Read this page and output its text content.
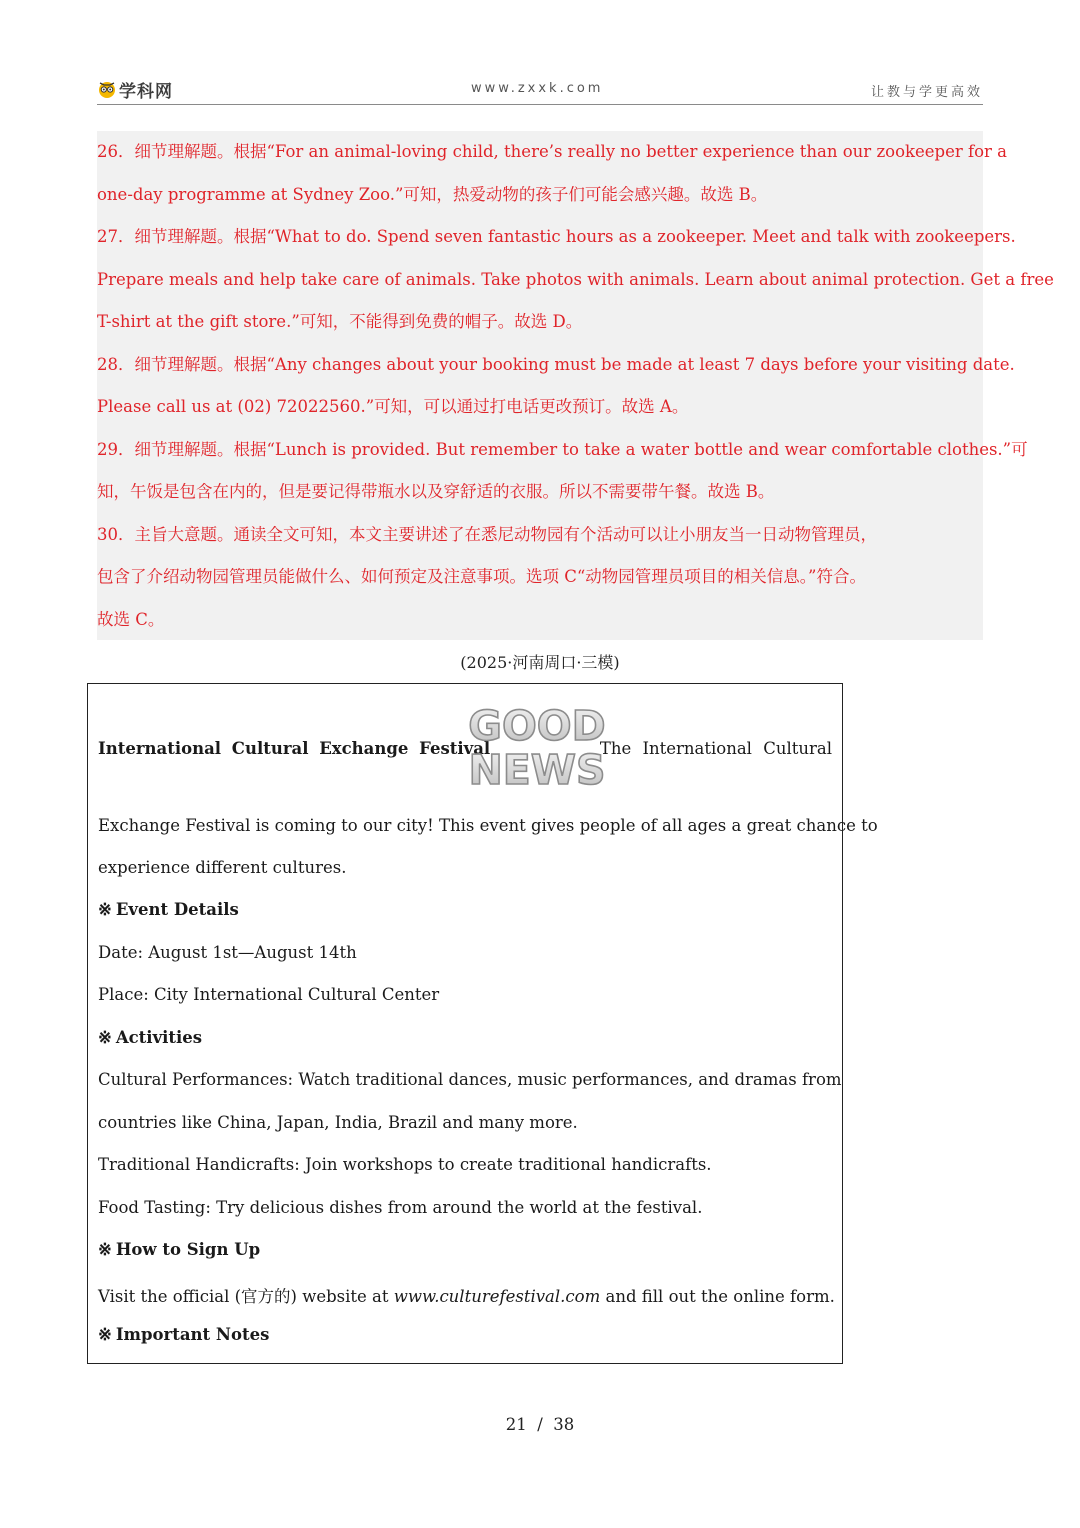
学科网	www.zxxk.com	让教与学更高效

26．细节理解题。根据“For an animal-loving child, there’s really no better experience than our zookeeper for a

one-day programme at Sydney Zoo.”可知，热爱动物的孩子们可能会感兴趣。故选 B。

27．细节理解题。根据“What to do. Spend seven fantastic hours as a zookeeper. Meet and talk with zookeepers.

Prepare meals and help take care of animals. Take photos with animals. Learn about animal protection. Get a free

T-shirt at the gift store.”可知，不能得到免费的帽子。故选 D。

28．细节理解题。根据“Any changes about your booking must be made at least 7 days before your visiting date.

Please call us at (02) 72022560.”可知，可以通过打电话更改预订。故选 A。

29．细节理解题。根据“Lunch is provided. But remember to take a water bottle and wear comfortable clothes.”可

知，午饭是包含在内的，但是要记得带瓶水以及穿舒适的衣服。所以不需要带午餐。故选 B。

30．主旨大意题。通读全文可知，本文主要讲述了在悉尼动物园有个活动可以让小朋友当一日动物管理员，

包含了介绍动物园管理员能做什么、如何预定及注意事项。选项 C“动物园管理员项目的相关信息。”符合。

故选 C。

(2025·河南周口·三模)
International Cultural Exchange Festival
GOOD
NEWS
The International Cultural
Exchange Festival is coming to our city! This event gives people of all ages a great chance to
experience different cultures.
※ Event Details
Date: August 1st—August 14th
Place: City International Cultural Center
※ Activities
Cultural Performances: Watch traditional dances, music performances, and dramas from
countries like China, Japan, India, Brazil and many more.
Traditional Handicrafts: Join workshops to create traditional handicrafts.
Food Tasting: Try delicious dishes from around the world at the festival.
※ How to Sign Up
Visit the official (官方的) website at www.culturefestival.com and fill out the online form.
※ Important Notes
21  /  38
